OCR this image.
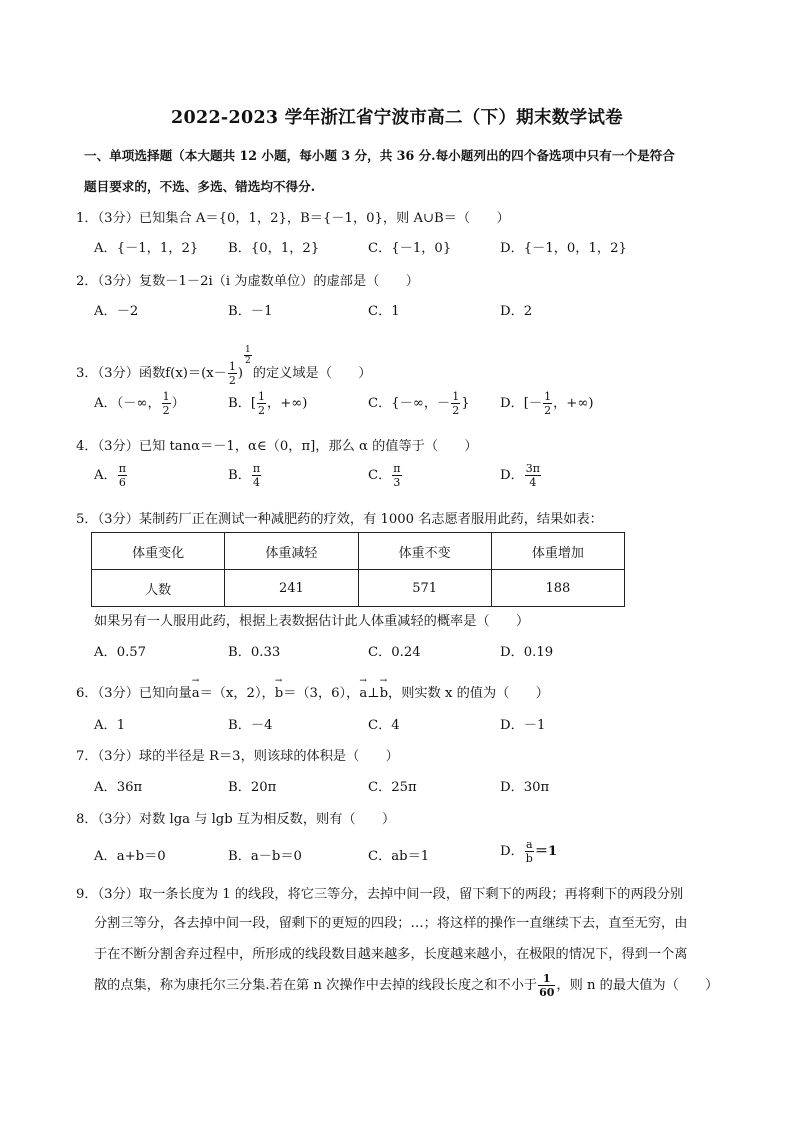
2022-2023 学年浙江省宁波市高二（下）期末数学试卷
一、单项选择题（本大题共 12 小题，每小题 3 分，共 36 分.每小题列出的四个备选项中只有一个是符合
题目要求的，不选、多选、错选均不得分.
1．（3分）已知集合 A＝{0，1，2}，B＝{－1，0}，则 A∪B＝（　　）
A．{－1，1，2} B．{0，1，2}	C．{－1，0}	D．{－1，0，1，2}
2．（3分）复数－1－2i（i 为虚数单位）的虚部是（　　）
A．－2	B．－1	C．1	D．2
3．（3分）函数$f(x)=(x- \frac{1}{2}$ )
$\frac{1}{2}$
的定义域是（　　）
A．（－∞， $\frac{1}{2}$ ）	B．[ $\frac{1}{2}$ ，+∞)	C．{－∞，－ $\frac{1}{2}$ } D．[－ $\frac{1}{2}$ ，+∞)
4．（3分）已知 tanα＝－1，α∈（0，π]，那么 α 的值等于（　　）
A． $\frac{\pi}{6}$	B． $\frac{\pi}{4}$	C． $\frac{\pi}{3}$	D． $\frac{3\pi}{4}$
5．（3分）某制药厂正在测试一种减肥药的疗效，有 1000 名志愿者服用此药，结果如表：
体重变化	体重减轻	体重不变	体重增加
人数	241	571	188
如果另有一人服用此药，根据上表数据估计此人体重减轻的概率是（　　）
A．0.57	B．0.33	C．0.24	D．0.19
6．（3分）已知向量→ a＝（x，2），→ b＝（3，6），→ a⊥→ b，则实数 x 的值为（　　）
A．1	B．－4	C．4	D．－1
7．（3分）球的半径是 R＝3，则该球的体积是（　　）
A．36π	B．20π	C．25π	D．30π
8．（3分）对数 lga 与 lgb 互为相反数，则有（　　）
A．a+b＝0	B．a－b＝0	C．ab＝1	D． $\frac{a}{b} =1$
9．（3分）取一条长度为 1 的线段，将它三等分，去掉中间一段，留下剩下的两段；再将剩下的两段分别
分割三等分，各去掉中间一段，留剩下的更短的四段；…；将这样的操作一直继续下去，直至无穷，由
于在不断分割舍弃过程中，所形成的线段数目越来越多，长度越来越小，在极限的情况下，得到一个离
散的点集，称为康托尔三分集.若在第 n 次操作中去掉的线段长度之和不小于 $\frac{1}{60}$ ，则 n 的最大值为（　　）
